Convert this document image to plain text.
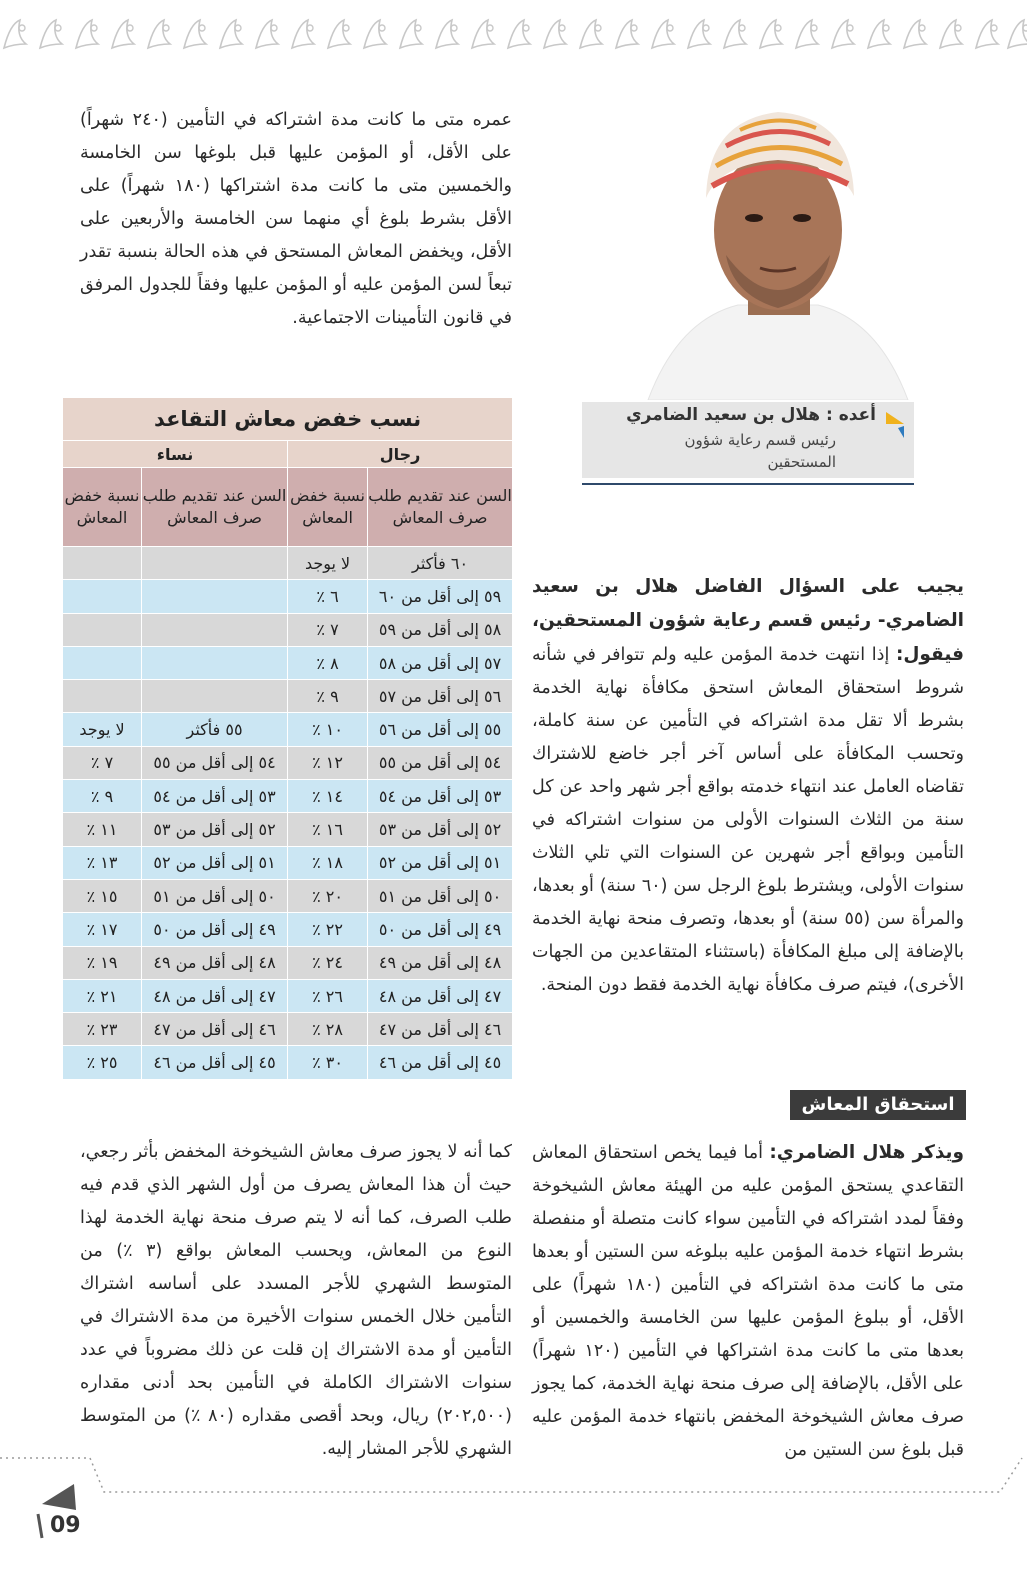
عمره متى ما كانت مدة اشتراكه في التأمين (٢٤٠ شهراً) على الأقل، أو المؤمن عليها قبل بلوغها سن الخامسة والخمسين متى ما كانت مدة اشتراكها (١٨٠ شهراً) على الأقل بشرط بلوغ أي منهما سن الخامسة والأربعين على الأقل، ويخفض المعاش المستحق في هذه الحالة بنسبة تقدر تبعاً لسن المؤمن عليه أو المؤمن عليها وفقاً للجدول المرفق في قانون التأمينات الاجتماعية.

أعده : هلال بن سعيد الضامري
رئيس قسم رعاية شؤون المستحقين
نسب خفض معاش التقاعد			
رجال		نساء	
السن عند تقديم طلب صرف المعاش	نسبة خفض المعاش	السن عند تقديم طلب صرف المعاش	نسبة خفض المعاش
٦٠ فأكثر	لا يوجد		
٥٩ إلى أقل من ٦٠	٦ ٪		
٥٨ إلى أقل من ٥٩	٧ ٪		
٥٧ إلى أقل من ٥٨	٨ ٪		
٥٦ إلى أقل من ٥٧	٩ ٪		
٥٥ إلى أقل من ٥٦	١٠ ٪	٥٥ فأكثر	لا يوجد
٥٤ إلى أقل من ٥٥	١٢ ٪	٥٤ إلى أقل من ٥٥	٧ ٪
٥٣ إلى أقل من ٥٤	١٤ ٪	٥٣ إلى أقل من ٥٤	٩ ٪
٥٢ إلى أقل من ٥٣	١٦ ٪	٥٢ إلى أقل من ٥٣	١١ ٪
٥١ إلى أقل من ٥٢	١٨ ٪	٥١ إلى أقل من ٥٢	١٣ ٪
٥٠ إلى أقل من ٥١	٢٠ ٪	٥٠ إلى أقل من ٥١	١٥ ٪
٤٩ إلى أقل من ٥٠	٢٢ ٪	٤٩ إلى أقل من ٥٠	١٧ ٪
٤٨ إلى أقل من ٤٩	٢٤ ٪	٤٨ إلى أقل من ٤٩	١٩ ٪
٤٧ إلى أقل من ٤٨	٢٦ ٪	٤٧ إلى أقل من ٤٨	٢١ ٪
٤٦ إلى أقل من ٤٧	٢٨ ٪	٤٦ إلى أقل من ٤٧	٢٣ ٪
٤٥ إلى أقل من ٤٦	٣٠ ٪	٤٥ إلى أقل من ٤٦	٢٥ ٪

يجيب على السؤال الفاضل هلال بن سعيد الضامري- رئيس قسم رعاية شؤون المستحقين، فيقول: إذا انتهت خدمة المؤمن عليه ولم تتوافر في شأنه شروط استحقاق المعاش استحق مكافأة نهاية الخدمة بشرط ألا تقل مدة اشتراكه في التأمين عن سنة كاملة، وتحسب المكافأة على أساس آخر أجر خاضع للاشتراك تقاضاه العامل عند انتهاء خدمته بواقع أجر شهر واحد عن كل سنة من الثلاث السنوات الأولى من سنوات اشتراكه في التأمين وبواقع أجر شهرين عن السنوات التي تلي الثلاث سنوات الأولى، ويشترط بلوغ الرجل سن (٦٠ سنة) أو بعدها، والمرأة سن (٥٥ سنة) أو بعدها، وتصرف منحة نهاية الخدمة بالإضافة إلى مبلغ المكافأة (باستثناء المتقاعدين من الجهات الأخرى)، فيتم صرف مكافأة نهاية الخدمة فقط دون المنحة.

استحقاق المعاش

ويذكر هلال الضامري: أما فيما يخص استحقاق المعاش التقاعدي يستحق المؤمن عليه من الهيئة معاش الشيخوخة وفقاً لمدد اشتراكه في التأمين سواء كانت متصلة أو منفصلة بشرط انتهاء خدمة المؤمن عليه ببلوغه سن الستين أو بعدها متى ما كانت مدة اشتراكه في التأمين (١٨٠ شهراً) على الأقل، أو ببلوغ المؤمن عليها سن الخامسة والخمسين أو بعدها متى ما كانت مدة اشتراكها في التأمين (١٢٠ شهراً) على الأقل، بالإضافة إلى صرف منحة نهاية الخدمة، كما يجوز صرف معاش الشيخوخة المخفض بانتهاء خدمة المؤمن عليه قبل بلوغ سن الستين من

كما أنه لا يجوز صرف معاش الشيخوخة المخفض بأثر رجعي، حيث أن هذا المعاش يصرف من أول الشهر الذي قدم فيه طلب الصرف، كما أنه لا يتم صرف منحة نهاية الخدمة لهذا النوع من المعاش، ويحسب المعاش بواقع (٣ ٪) من المتوسط الشهري للأجر المسدد على أساسه اشتراك التأمين خلال الخمس سنوات الأخيرة من مدة الاشتراك في التأمين أو مدة الاشتراك إن قلت عن ذلك مضروباً في عدد سنوات الاشتراك الكاملة في التأمين بحد أدنى مقداره (٢٠٢,٥٠٠) ريال، وبحد أقصى مقداره (٨٠ ٪) من المتوسط الشهري للأجر المشار إليه.

09
